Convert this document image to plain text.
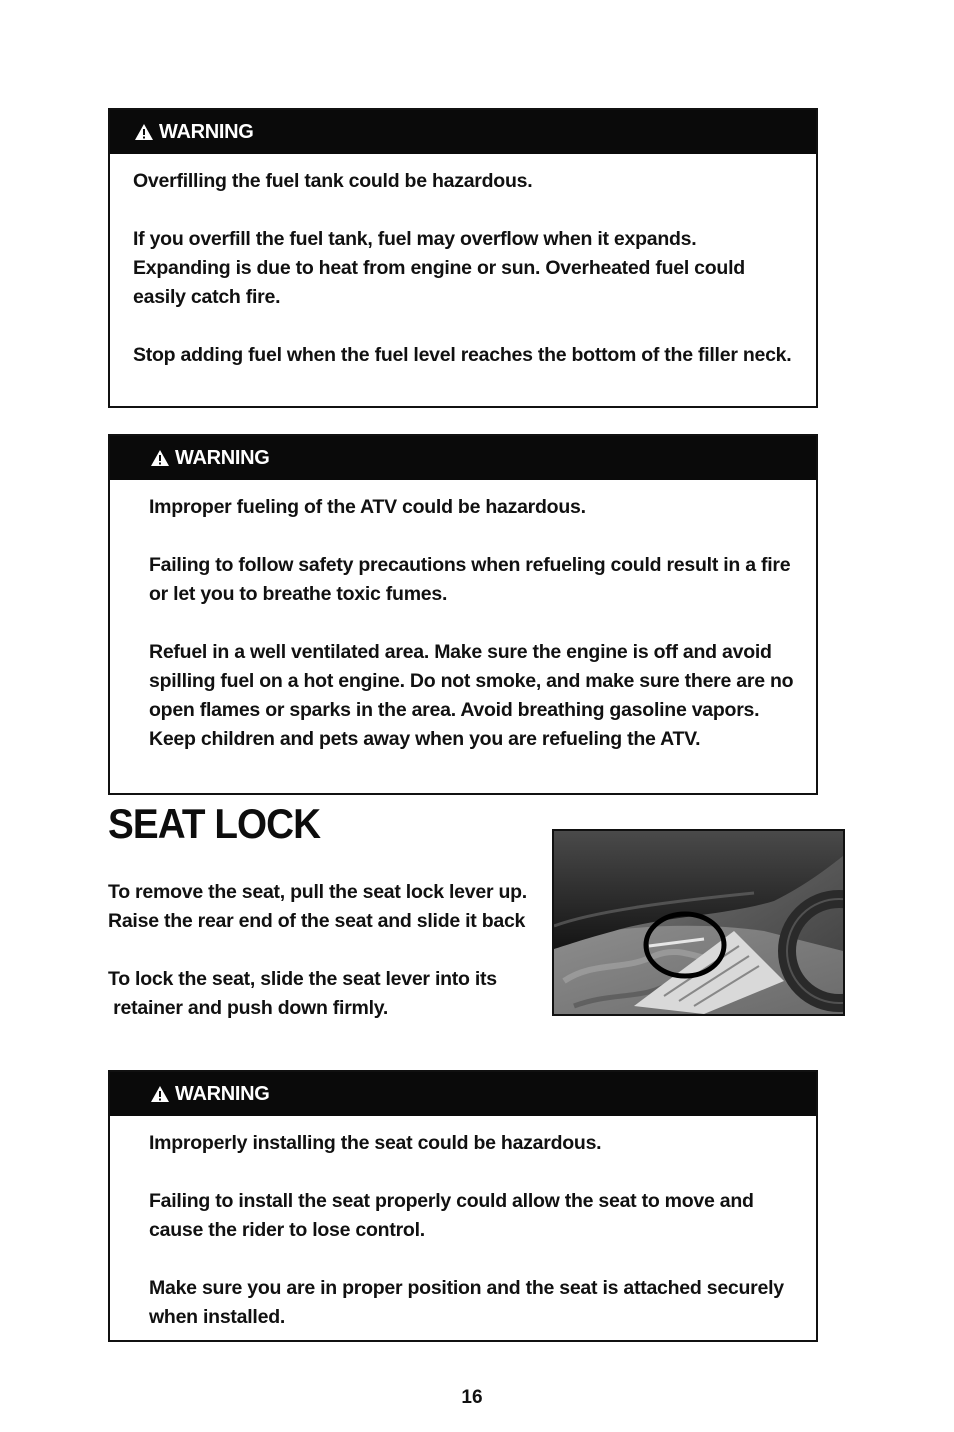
WARNING

Overfilling the fuel tank could be hazardous.

If you overfill the fuel tank, fuel may overflow when it expands. Expanding is due to heat from engine or sun. Overheated fuel could easily catch fire.

Stop adding fuel when the fuel level reaches the bottom of the filler neck.

WARNING

Improper fueling of the ATV could be hazardous.

Failing to follow safety precautions when refueling could result in a fire or let you to breathe toxic fumes.

Refuel in a well ventilated area. Make sure the engine is off and avoid spilling fuel on a hot engine. Do not smoke, and make sure there are no open flames or sparks in the area. Avoid breathing gasoline vapors. Keep children and pets away when you are refueling the ATV.

SEAT LOCK

To remove the seat, pull the seat lock lever up. Raise the rear end of the seat and slide it back

To lock the seat, slide the seat lever into its
retainer and push down firmly.

WARNING

Improperly installing the seat could be hazardous.

Failing to install the seat properly could allow the seat to move and cause the rider to lose control.

Make sure you are in proper position and the seat is attached securely when installed.

16
